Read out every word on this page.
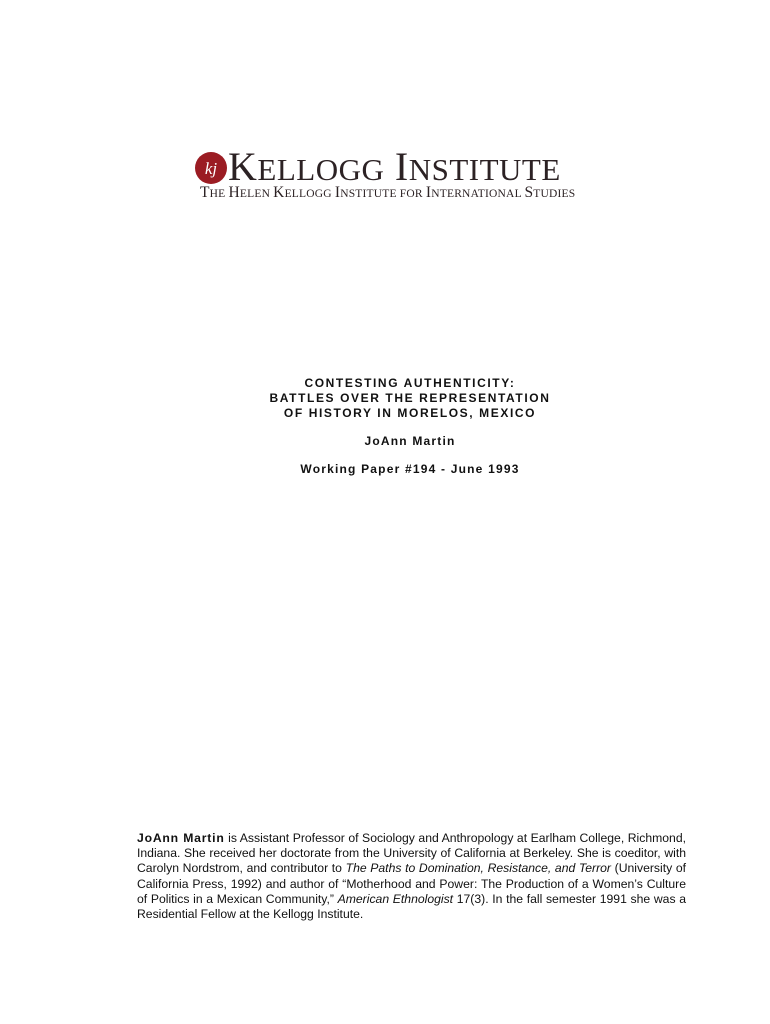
kj KELLOGG INSTITUTE
THE HELEN KELLOGG INSTITUTE FOR INTERNATIONAL STUDIES
CONTESTING AUTHENTICITY:
BATTLES OVER THE REPRESENTATION
OF HISTORY IN MORELOS, MEXICO
JoAnn Martin
Working Paper #194 - June 1993
JoAnn Martin is Assistant Professor of Sociology and Anthropology at Earlham College, Richmond, Indiana. She received her doctorate from the University of California at Berkeley. She is coeditor, with Carolyn Nordstrom, and contributor to The Paths to Domination, Resistance, and Terror (University of California Press, 1992) and author of “Motherhood and Power: The Production of a Women’s Culture of Politics in a Mexican Community,” American Ethnologist 17(3). In the fall semester 1991 she was a Residential Fellow at the Kellogg Institute.
